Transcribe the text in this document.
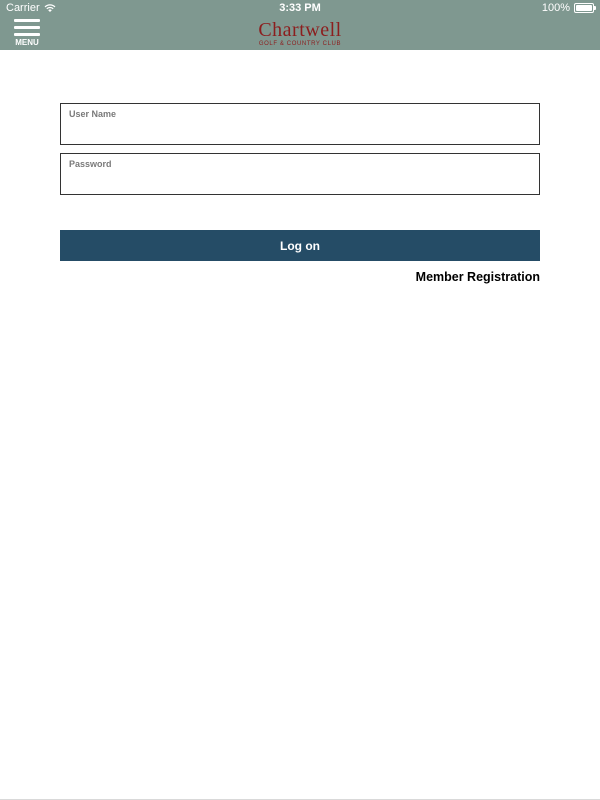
Carrier	3:33 PM	100%
MENU
Chartwell
GOLF & COUNTRY CLUB
User Name
Password
Log on
Member Registration
